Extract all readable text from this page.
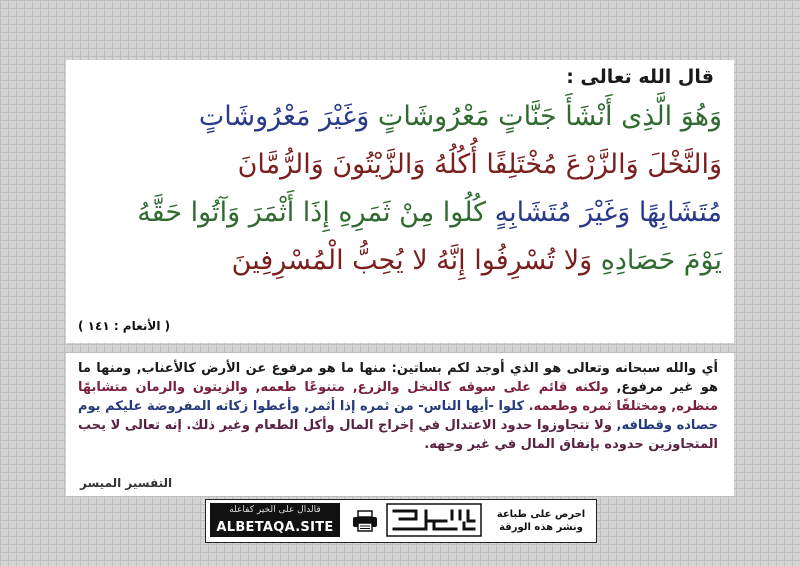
قال الله تعالى :
وَهُوَ الَّذِى أَنْشَأَ جَنَّاتٍ مَعْرُوشَاتٍ وَغَيْرَ مَعْرُوشَاتٍ
وَالنَّخْلَ وَالزَّرْعَ مُخْتَلِفًا أُكُلُهُ وَالزَّيْتُونَ وَالرُّمَّانَ
مُتَشَابِهًا وَغَيْرَ مُتَشَابِهٍ كُلُوا مِنْ ثَمَرِهِ إِذَا أَثْمَرَ وَآتُوا حَقَّهُ
يَوْمَ حَصَادِهِ وَلا تُسْرِفُوا إِنَّهُ لا يُحِبُّ الْمُسْرِفِينَ
( الأنعام : ١٤١ )
أي والله سبحانه وتعالى هو الذي أوجد لكم بساتين: منها ما هو مرفوع عن الأرض كالأعناب, ومنها ما هو غير مرفوع, ولكنه قائم على سوقه كالنخل والزرع, متنوعًا طعمه, والزيتون والرمان متشابهًا منظره, ومختلفًا ثمره وطعمه. كلوا -أيها الناس- من ثمره إذا أثمر, وأعطوا زكاته المفروضة عليكم يوم حصاده وقطافه, ولا تتجاوزوا حدود الاعتدال في إخراج المال وأكل الطعام وغير ذلك. إنه تعالى لا يحب المتجاوزين حدوده بإنفاق المال في غير وجهه.
التفسير الميسر
قالدال على الخير كفاعله
ALBETAQA.SITE
احرص على طباعة ونشر هذه الورقة
